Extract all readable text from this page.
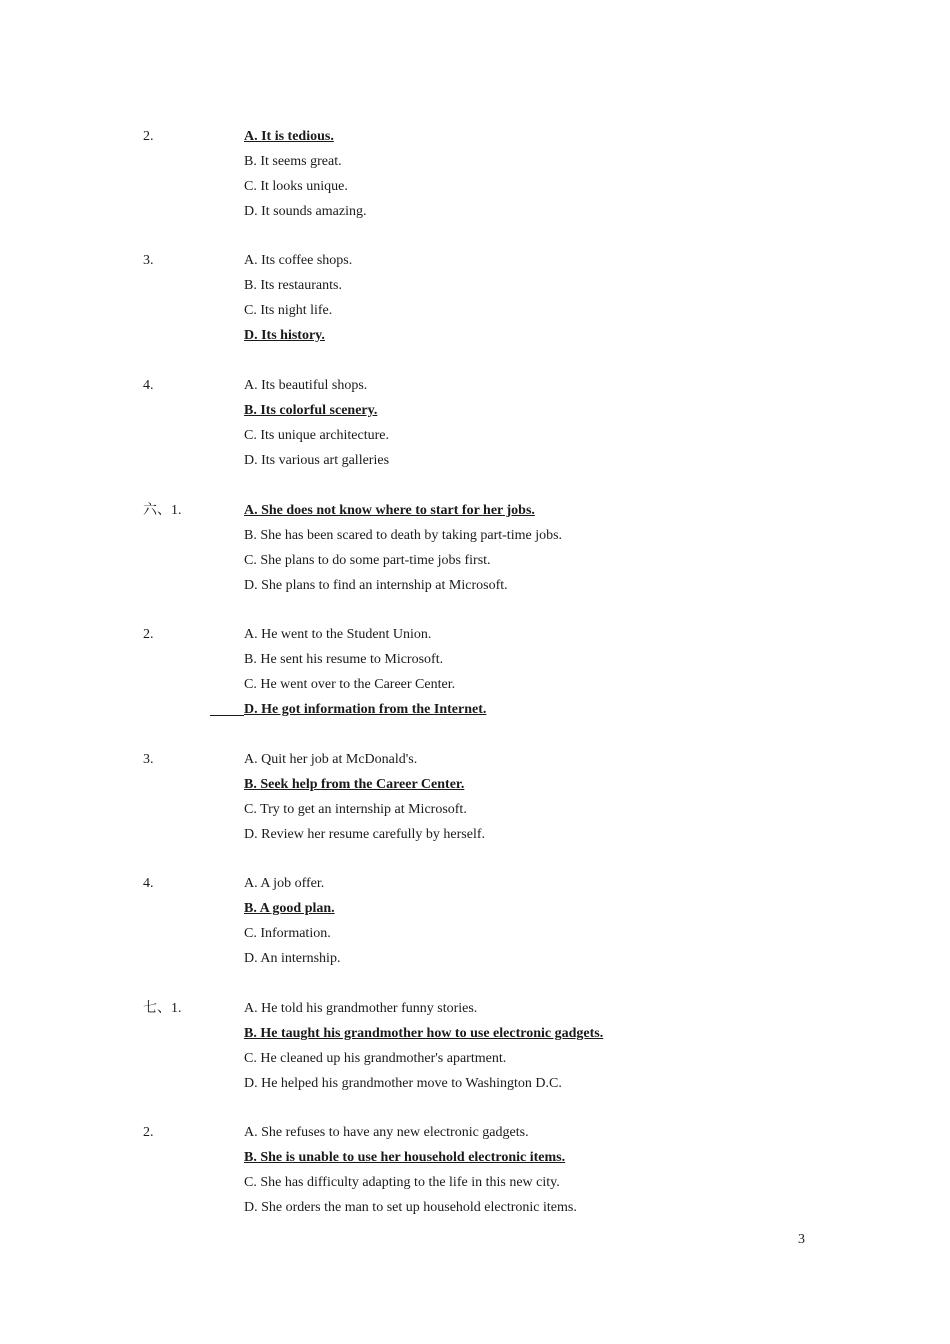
2.	A. It is tedious.
B. It seems great.
C. It looks unique.
D. It sounds amazing.
3.	A. Its coffee shops.
B. Its restaurants.
C. Its night life.
D. Its history.
4.	A. Its beautiful shops.
B. Its colorful scenery.
C. Its unique architecture.
D. Its various art galleries
六、1.	A. She does not know where to start for her jobs.
B. She has been scared to death by taking part-time jobs.
C. She plans to do some part-time jobs first.
D. She plans to find an internship at Microsoft.
2.	A. He went to the Student Union.
B. He sent his resume to Microsoft.
C. He went over to the Career Center.
D. He got information from the Internet.
3.	A. Quit her job at McDonald's.
B. Seek help from the Career Center.
C. Try to get an internship at Microsoft.
D. Review her resume carefully by herself.
4.	A. A job offer.
B. A good plan.
C. Information.
D. An internship.
七、1.	A. He told his grandmother funny stories.
B. He taught his grandmother how to use electronic gadgets.
C. He cleaned up his grandmother's apartment.
D. He helped his grandmother move to Washington D.C.
2.	A. She refuses to have any new electronic gadgets.
B. She is unable to use her household electronic items.
C. She has difficulty adapting to the life in this new city.
D. She orders the man to set up household electronic items.
3
